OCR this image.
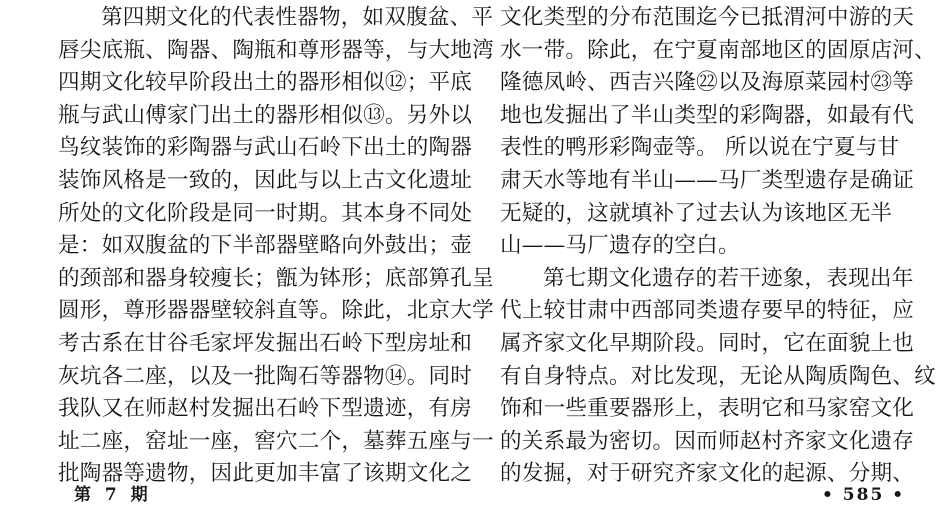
第四期文化的代表性器物，如双腹盆、平
唇尖底瓶、陶器、陶瓶和尊形器等，与大地湾
四期文化较早阶段出土的器形相似⑫；平底
瓶与武山傅家门出土的器形相似⑬。另外以
鸟纹装饰的彩陶器与武山石岭下出土的陶器
装饰风格是一致的，因此与以上古文化遗址
所处的文化阶段是同一时期。其本身不同处
是：如双腹盆的下半部器壁略向外鼓出；壶
的颈部和器身较瘦长；甑为钵形；底部箅孔呈
圆形，尊形器器壁较斜直等。除此，北京大学
考古系在甘谷毛家坪发掘出石岭下型房址和
灰坑各二座，以及一批陶石等器物⑭。同时
我队又在师赵村发掘出石岭下型遗迹，有房
址二座，窑址一座，窖穴二个，墓葬五座与一
批陶器等遗物，因此更加丰富了该期文化之
文化类型的分布范围迄今已抵渭河中游的天
水一带。除此，在宁夏南部地区的固原店河、
隆德凤岭、西吉兴隆㉒以及海原菜园村㉓等
地也发掘出了半山类型的彩陶器，如最有代
表性的鸭形彩陶壶等。 所以说在宁夏与甘
肃天水等地有半山——马厂类型遗存是确证
无疑的，这就填补了过去认为该地区无半
山——马厂遗存的空白。
第七期文化遗存的若干迹象，表现出年
代上较甘肃中西部同类遗存要早的特征，应
属齐家文化早期阶段。同时，它在面貌上也
有自身特点。对比发现，无论从陶质陶色、纹
饰和一些重要器形上，表明它和马家窑文化
的关系最为密切。因而师赵村齐家文化遗存
的发掘，对于研究齐家文化的起源、分期、
第 7 期	• 585 •
